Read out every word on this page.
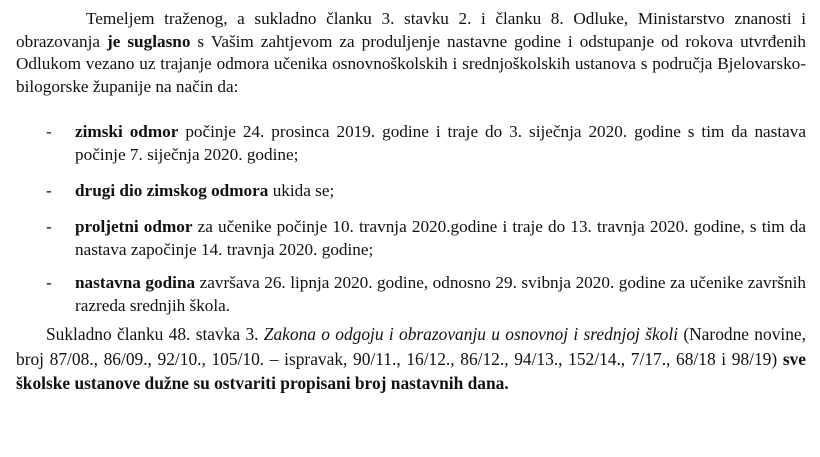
Temeljem traženog, a sukladno članku 3. stavku 2. i članku 8. Odluke, Ministarstvo znanosti i obrazovanja je suglasno s Vašim zahtjevom za produljenje nastavne godine i odstupanje od rokova utvrđenih Odlukom vezano uz trajanje odmora učenika osnovnoškolskih i srednjoškolskih ustanova s područja Bjelovarsko-bilogorske županije na način da:

- zimski odmor počinje 24. prosinca 2019. godine i traje do 3. siječnja 2020. godine s tim da nastava počinje 7. siječnja 2020. godine;
- drugi dio zimskog odmora ukida se;
- proljetni odmor za učenike počinje 10. travnja 2020.godine i traje do 13. travnja 2020. godine, s tim da nastava započinje 14. travnja 2020. godine;
- nastavna godina završava 26. lipnja 2020. godine, odnosno 29. svibnja 2020. godine za učenike završnih razreda srednjih škola.

Sukladno članku 48. stavka 3. Zakona o odgoju i obrazovanju u osnovnoj i srednjoj školi (Narodne novine, broj 87/08., 86/09., 92/10., 105/10. – ispravak, 90/11., 16/12., 86/12., 94/13., 152/14., 7/17., 68/18 i 98/19) sve školske ustanove dužne su ostvariti propisani broj nastavnih dana.
